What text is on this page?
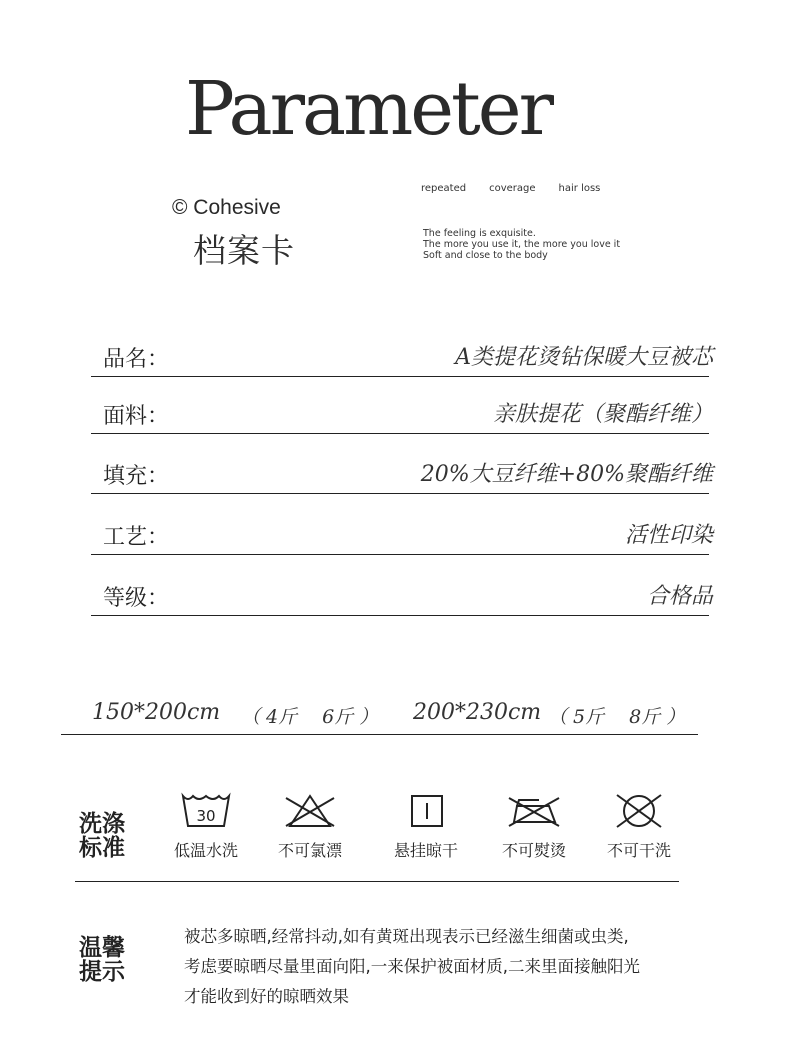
Parameter
© Cohesive
档案卡
repeated coverage hair loss
The feeling is exquisite.
The more you use it, the more you love it
Soft and close to the body
品名：	A类提花烫钻保暖大豆被芯
面料：	亲肤提花（聚酯纤维）
填充：	20%大豆纤维+80%聚酯纤维
工艺：	活性印染
等级：	合格品
150*200cm （ 4斤 　6斤 ） 200*230cm （ 5斤 　8斤 ）
洗涤
标准
30
低温水洗	不可氯漂	悬挂晾干	不可熨烫	不可干洗
温馨
提示
被芯多晾晒,经常抖动,如有黄斑出现表示已经滋生细菌或虫类,
考虑要晾晒尽量里面向阳,一来保护被面材质,二来里面接触阳光
才能收到好的晾晒效果
